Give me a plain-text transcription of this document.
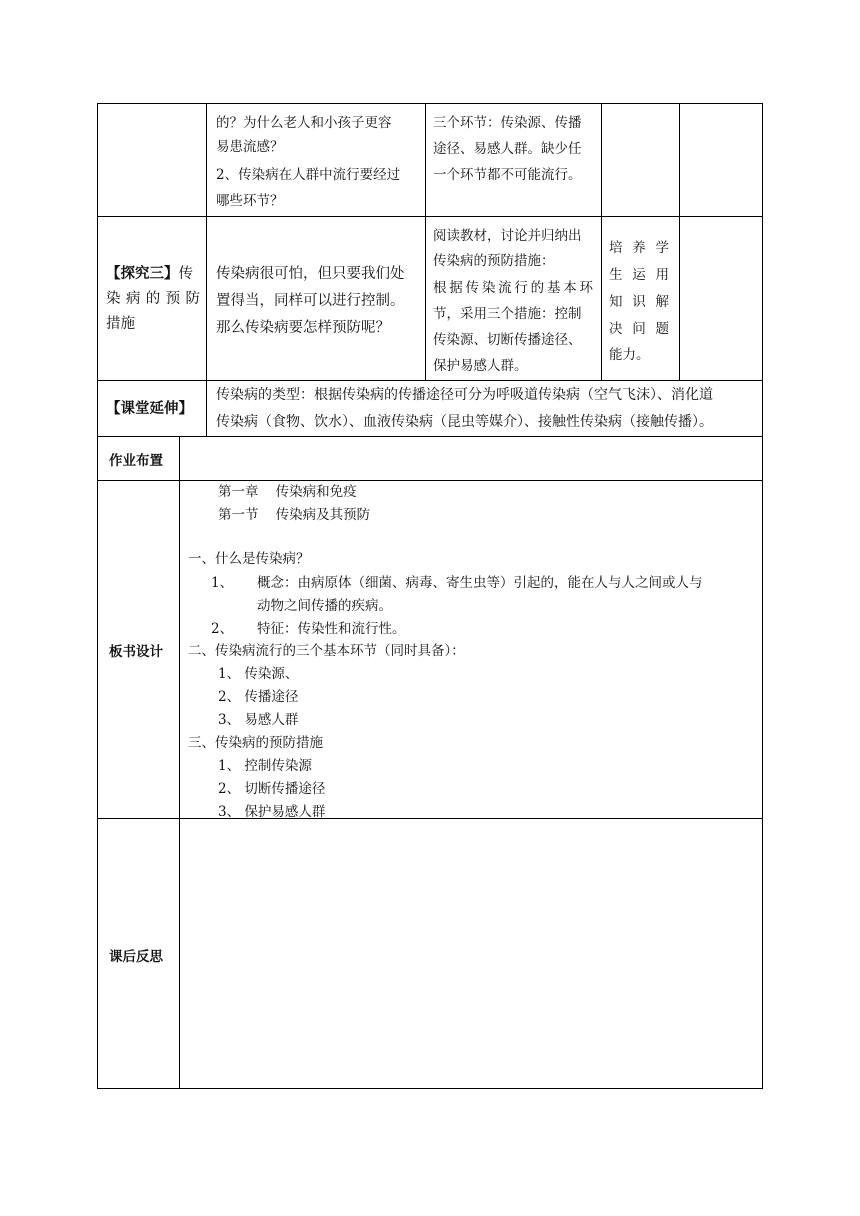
的？为什么老人和小孩子更容
易患流感？
2、传染病在人群中流行要经过
哪些环节？
三个环节：传染源、传播
途径、易感人群。缺少任
一个环节都不可能流行。
【探究三】传
染病的预防
措施
传染病很可怕，但只要我们处
置得当，同样可以进行控制。
那么传染病要怎样预防呢？
阅读教材，讨论并归纳出
传染病的预防措施：
根据传染流行的基本环
节，采用三个措施：控制
传染源、切断传播途径、
保护易感人群。
培养学
生运用
知识解
决问题
能力。
【课堂延伸】
传染病的类型：根据传染病的传播途径可分为呼吸道传染病（空气飞沫）、消化道
传染病（食物、饮水）、血液传染病（昆虫等媒介）、接触性传染病（接触传播）。
作业布置
板书设计
第一章    传染病和免疫
第一节    传染病及其预防
一、什么是传染病？
1、 概念：由病原体（细菌、病毒、寄生虫等）引起的，能在人与人之间或人与
动物之间传播的疾病。
2、 特征：传染性和流行性。
二、传染病流行的三个基本环节（同时具备）：
1、 传染源、
2、 传播途径
3、 易感人群
三、传染病的预防措施
1、 控制传染源
2、 切断传播途径
3、 保护易感人群
课后反思
